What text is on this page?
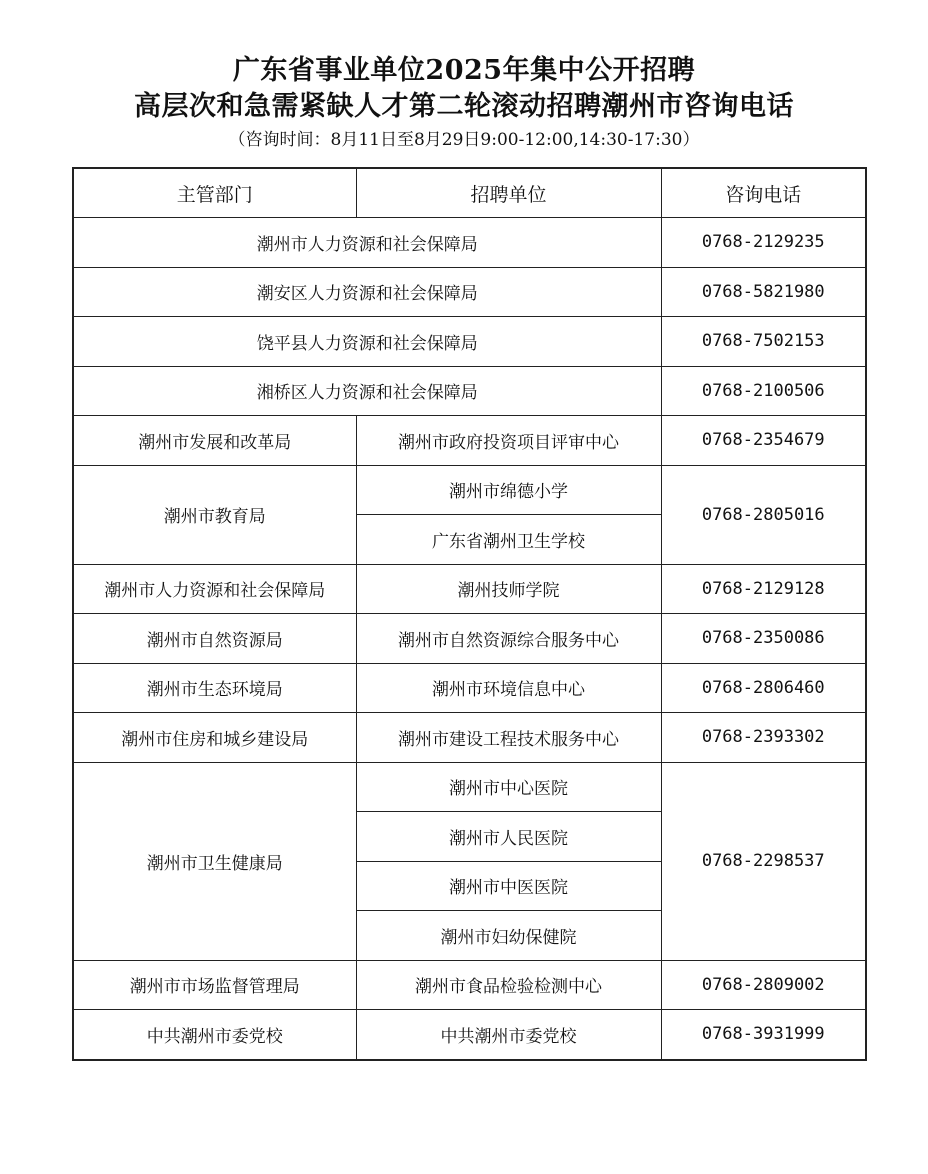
广东省事业单位2025年集中公开招聘
高层次和急需紧缺人才第二轮滚动招聘潮州市咨询电话
（咨询时间：8月11日至8月29日9:00-12:00,14:30-17:30）
主管部门	招聘单位	咨询电话
潮州市人力资源和社会保障局		0768-2129235
潮安区人力资源和社会保障局		0768-5821980
饶平县人力资源和社会保障局		0768-7502153
湘桥区人力资源和社会保障局		0768-2100506
潮州市发展和改革局	潮州市政府投资项目评审中心	0768-2354679
潮州市教育局	潮州市绵德小学	0768-2805016
	广东省潮州卫生学校	
潮州市人力资源和社会保障局	潮州技师学院	0768-2129128
潮州市自然资源局	潮州市自然资源综合服务中心	0768-2350086
潮州市生态环境局	潮州市环境信息中心	0768-2806460
潮州市住房和城乡建设局	潮州市建设工程技术服务中心	0768-2393302
潮州市卫生健康局	潮州市中心医院	0768-2298537
	潮州市人民医院	
	潮州市中医医院	
	潮州市妇幼保健院	
潮州市市场监督管理局	潮州市食品检验检测中心	0768-2809002
中共潮州市委党校	中共潮州市委党校	0768-3931999
